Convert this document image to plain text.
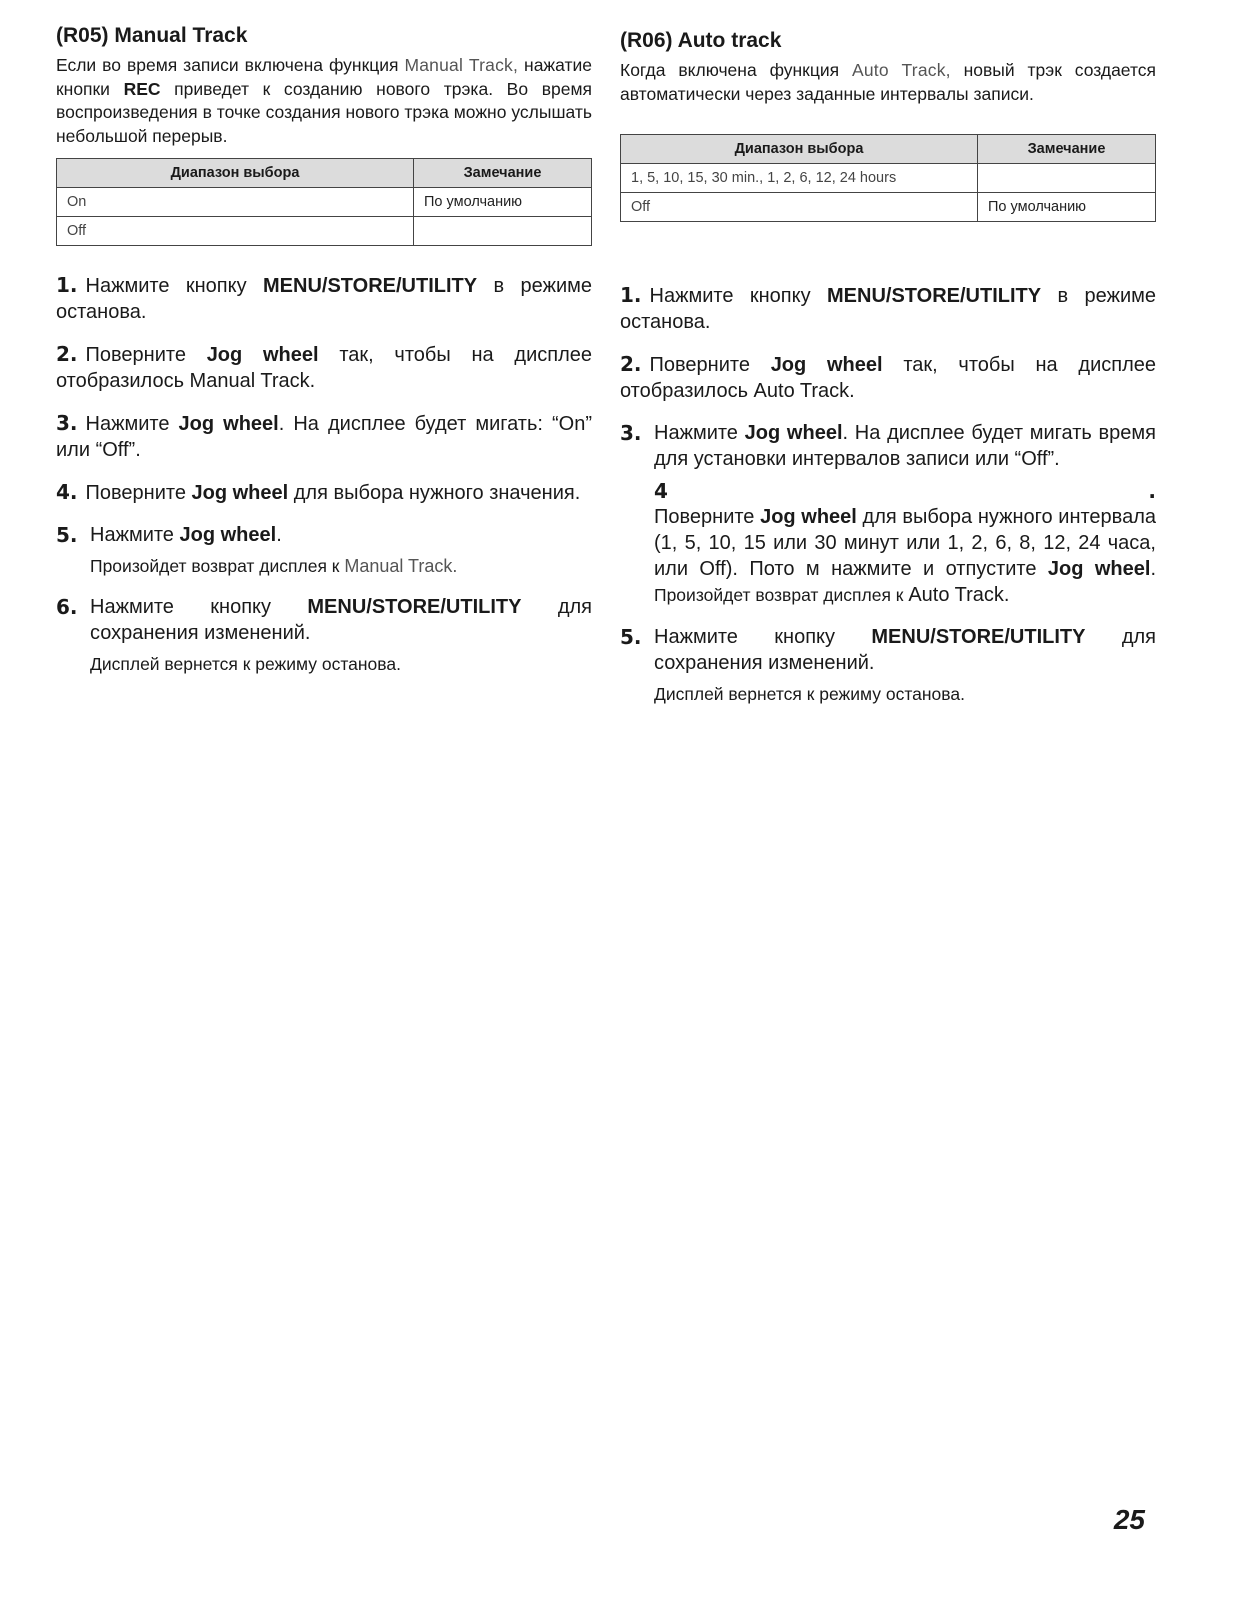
(R05) Manual Track

Если во время записи включена функция Manual Track, нажатие кнопки REC приведет к созданию нового трэка. Во время воспроизведения в точке создания нового трэка можно услышать небольшой перерыв.

Диапазон выбора	Замечание
On	По умолчанию
Off	
1. Нажмите кнопку MENU/STORE/UTILITY в режиме останова.
2. Поверните Jog wheel так, чтобы на дисплее отобразилось Manual Track.
3. Нажмите Jog wheel. На дисплее будет мигать: “On” или “Off”.
4. Поверните Jog wheel для выбора нужного значения.
5. Нажмите Jog wheel.
Произойдет возврат дисплея к Manual Track.
6. Нажмите кнопку MENU/STORE/UTILITY для сохранения изменений.
Дисплей вернется к режиму останова.
(R06) Auto track

Когда включена функция Auto Track, новый трэк создается автоматически через заданные интервалы записи.

Диапазон выбора	Замечание
1, 5, 10, 15, 30 min., 1, 2, 6, 12, 24 hours	
Off	По умолчанию
1. Нажмите кнопку MENU/STORE/UTILITY в режиме останова.
2. Поверните Jog wheel так, чтобы на дисплее отобразилось Auto Track.
3. Нажмите Jog wheel. На дисплее будет мигать время для установки интервалов записи или “Off”.
4	.
Поверните Jog wheel для выбора нужного интервала (1, 5, 10, 15 или 30 минут или 1, 2, 6, 8, 12, 24 часа, или Off). Пото м нажмите и отпустите Jog wheel. Произойдет возврат дисплея к Auto Track.
5. Нажмите кнопку MENU/STORE/UTILITY для сохранения изменений.
Дисплей вернется к режиму останова.
25
